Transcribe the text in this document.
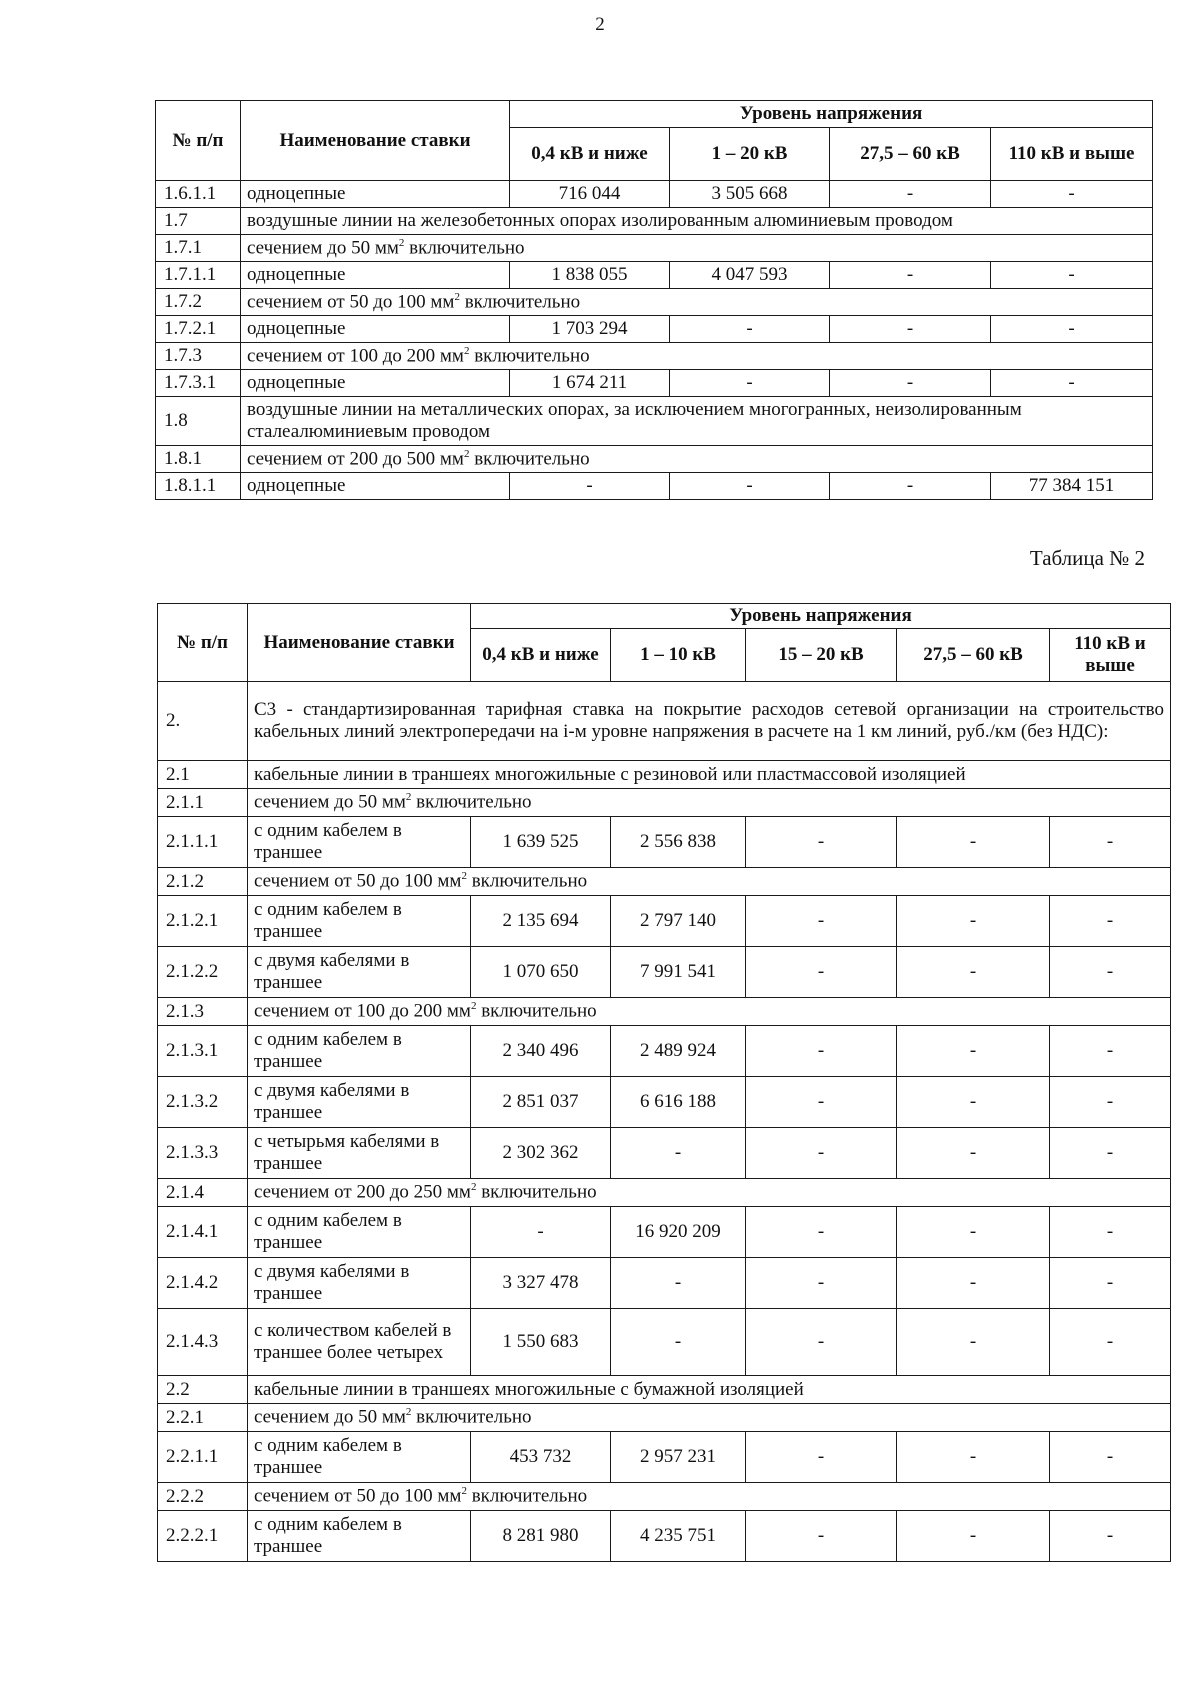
2
№ п/п	Наименование ставки	Уровень напряжения			
		0,4 кВ и ниже	1 – 20 кВ	27,5 – 60 кВ	110 кВ и выше
1.6.1.1	одноцепные	716 044	3 505 668	-	-
1.7	воздушные линии на железобетонных опорах изолированным алюминиевым проводом				
1.7.1	сечением до 50 $мм^2$ включительно				
1.7.1.1	одноцепные	1 838 055	4 047 593	-	-
1.7.2	сечением от 50 до 100 $мм^2$ включительно				
1.7.2.1	одноцепные	1 703 294	-	-	-
1.7.3	сечением от 100 до 200 $мм^2$ включительно				
1.7.3.1	одноцепные	1 674 211	-	-	-
1.8	воздушные линии на металлических опорах, за исключением многогранных, неизолированным сталеалюминиевым проводом				
1.8.1	сечением от 200 до 500 $мм^2$ включительно				
1.8.1.1	одноцепные	-	-	-	77 384 151
Таблица № 2
№ п/п	Наименование ставки	Уровень напряжения				
		0,4 кВ и ниже	1 – 10 кВ	15 – 20 кВ	27,5 – 60 кВ	110 кВ и выше
2.	С3 - стандартизированная тарифная ставка на покрытие расходов сетевой организации на строительство кабельных линий электропередачи на i-м уровне напряжения в расчете на 1 км линий, руб./км (без НДС):					
2.1	кабельные линии в траншеях многожильные с резиновой или пластмассовой изоляцией					
2.1.1	сечением до 50 $мм^2$ включительно					
2.1.1.1	с одним кабелем в траншее	1 639 525	2 556 838	-	-	-
2.1.2	сечением от 50 до 100 $мм^2$ включительно					
2.1.2.1	с одним кабелем в траншее	2 135 694	2 797 140	-	-	-
2.1.2.2	с двумя кабелями в траншее	1 070 650	7 991 541	-	-	-
2.1.3	сечением от 100 до 200 $мм^2$ включительно					
2.1.3.1	с одним кабелем в траншее	2 340 496	2 489 924	-	-	-
2.1.3.2	с двумя кабелями в траншее	2 851 037	6 616 188	-	-	-
2.1.3.3	с четырьмя кабелями в траншее	2 302 362	-	-	-	-
2.1.4	сечением от 200 до 250 $мм^2$ включительно					
2.1.4.1	с одним кабелем в траншее	-	16 920 209	-	-	-
2.1.4.2	с двумя кабелями в траншее	3 327 478	-	-	-	-
2.1.4.3	с количеством кабелей в траншее более четырех	1 550 683	-	-	-	-
2.2	кабельные линии в траншеях многожильные с бумажной изоляцией					
2.2.1	сечением до 50 $мм^2$ включительно					
2.2.1.1	с одним кабелем в траншее	453 732	2 957 231	-	-	-
2.2.2	сечением от 50 до 100 $мм^2$ включительно					
2.2.2.1	с одним кабелем в траншее	8 281 980	4 235 751	-	-	-
